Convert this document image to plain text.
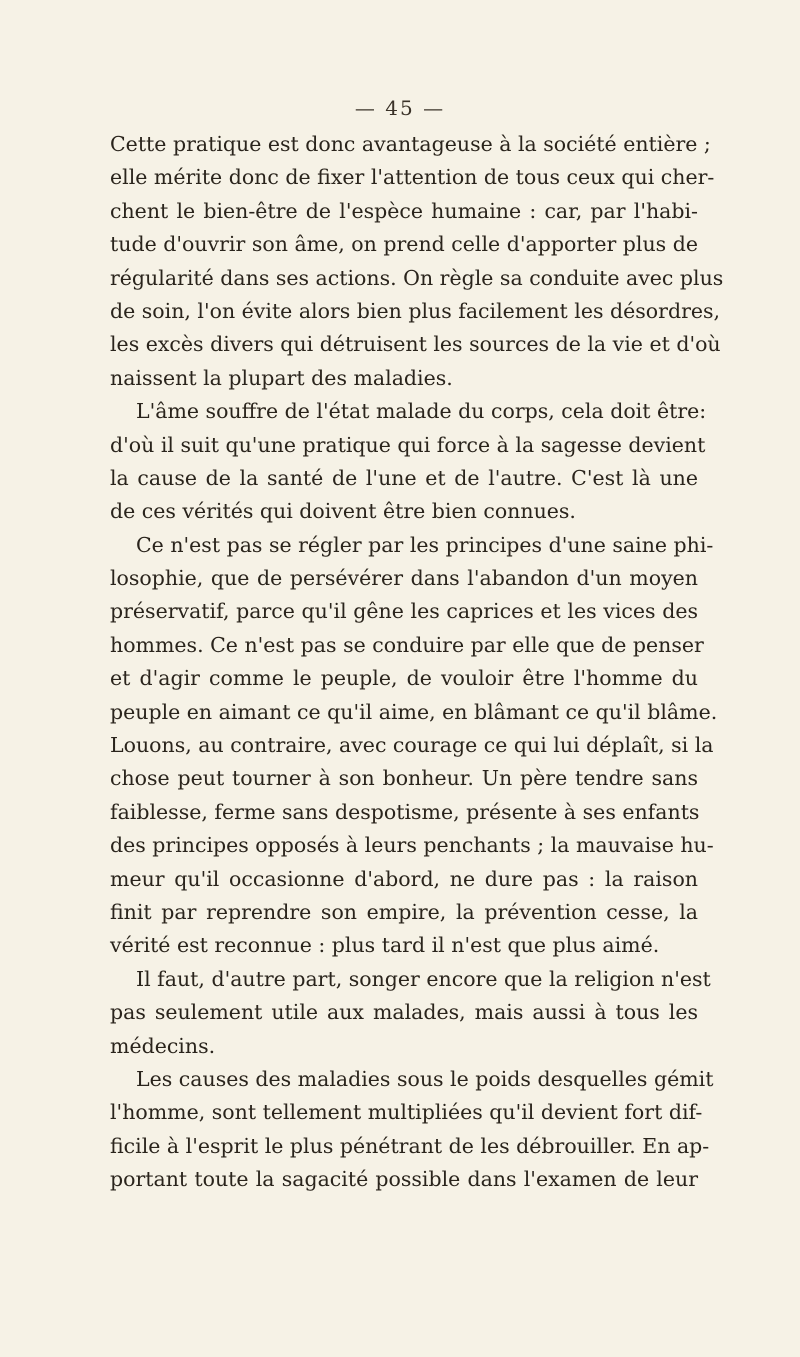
— 45 —
Cette pratique est donc avantageuse à la société entière ;
elle mérite donc de fixer l'attention de tous ceux qui cher-
chent le bien-être de l'espèce humaine : car, par l'habi-
tude d'ouvrir son âme, on prend celle d'apporter plus de
régularité dans ses actions. On règle sa conduite avec plus
de soin, l'on évite alors bien plus facilement les désordres,
les excès divers qui détruisent les sources de la vie et d'où
naissent la plupart des maladies.
L'âme souffre de l'état malade du corps, cela doit être:
d'où il suit qu'une pratique qui force à la sagesse devient
la cause de la santé de l'une et de l'autre. C'est là une
de ces vérités qui doivent être bien connues.
Ce n'est pas se régler par les principes d'une saine phi-
losophie, que de persévérer dans l'abandon d'un moyen
préservatif, parce qu'il gêne les caprices et les vices des
hommes. Ce n'est pas se conduire par elle que de penser
et d'agir comme le peuple, de vouloir être l'homme du
peuple en aimant ce qu'il aime, en blâmant ce qu'il blâme.
Louons, au contraire, avec courage ce qui lui déplaît, si la
chose peut tourner à son bonheur. Un père tendre sans
faiblesse, ferme sans despotisme, présente à ses enfants
des principes opposés à leurs penchants ; la mauvaise hu-
meur qu'il occasionne d'abord, ne dure pas : la raison
finit par reprendre son empire, la prévention cesse, la
vérité est reconnue : plus tard il n'est que plus aimé.
Il faut, d'autre part, songer encore que la religion n'est
pas seulement utile aux malades, mais aussi à tous les
médecins.
Les causes des maladies sous le poids desquelles gémit
l'homme, sont tellement multipliées qu'il devient fort dif-
ficile à l'esprit le plus pénétrant de les débrouiller. En ap-
portant toute la sagacité possible dans l'examen de leur
